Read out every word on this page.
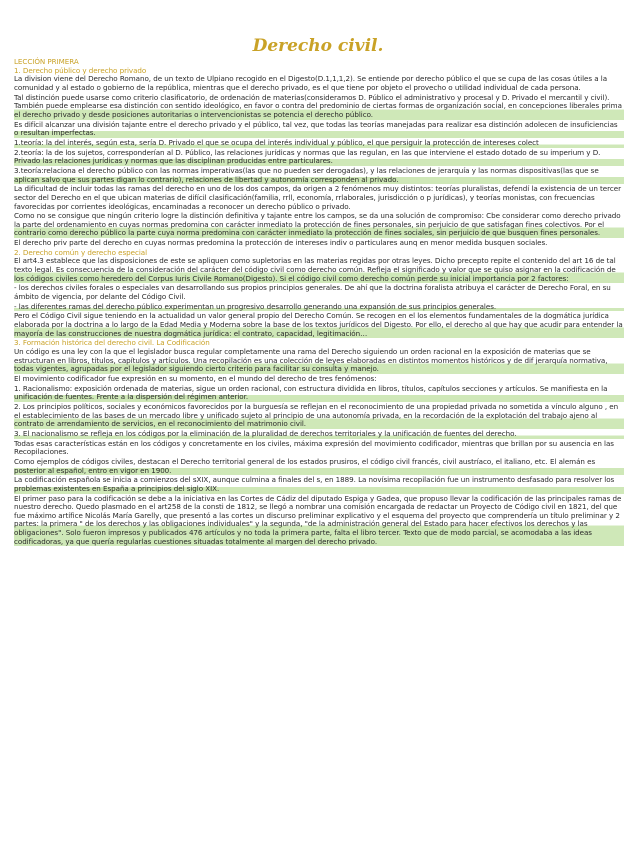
Derecho civil.
LECCIÓN PRIMERA
1. Derecho público y derecho privado

La division viene del Derecho Romano, de un texto de Ulpiano recogido en el Digesto(D.1,1,1,2). Se entiende por derecho público el que se cupa de las cosas útiles a la comunidad y al estado o gobierno de la república, mientras que el derecho privado, es el que tiene por objeto el provecho o utilidad individual de cada persona.

Tal distinción puede usarse como criterio clasificatorio, de ordenación de materias(consideramos D. Público el administrativo y procesal y D. Privado el mercantil y civil). También puede emplearse esa distinción con sentido ideológico, en favor o contra del predominio de ciertas formas de organización social, en concepciones liberales prima el derecho privado y desde posiciones autoritarias o intervencionistas se potencia el derecho público.

Es difícil alcanzar una división tajante entre el derecho privado y el público, tal vez, que todas las teorías manejadas para realizar esa distinción adolecen de insuficiencias o resultan imperfectas.

1.teoría: la del interés, según esta, sería D. Privado el que se ocupa del interés individual y público, el que persiguir la protección de intereses colect

2.teoría: la de los sujetos, corresponderían al D. Público, las relaciones jurídicas y normas que las regulan, en las que interviene el estado dotado de su imperium y D. Privado las relaciones jurídicas y normas que las disciplinan producidas entre particulares.

3.teoría:relaciona el derecho público con las normas imperativas(las que no pueden ser derogadas), y las relaciones de jerarquía y las normas dispositivas(las que se aplican salvo que sus partes digan lo contrario), relaciones de libertad y autonomía corresponden al privado.

La dificultad de incluir todas las ramas del derecho en uno de los dos campos, da origen a 2 fenómenos muy distintos: teorías pluralistas, defendí la existencia de un tercer sector del Derecho en el que ubican materias de difícil clasificación(familia, rrll, economía, rrlaborales, jurisdicción o p jurídicas), y teorías monistas, con frecuencias favorecidas por corrientes ideológicas, encaminadas a reconocer un derecho público o privado.

Como no se consigue que ningún criterio logre la distinción definitiva y tajante entre los campos, se da una solución de compromiso: Cbe considerar como derecho privado la parte del ordenamiento en cuyas normas predomina con carácter inmediato la protección de fines personales, sin perjuicio de que satisfagan fines colectivos. Por el contrario como derecho público la parte cuya norma predomina con carácter inmediato la protección de fines sociales, sin perjuicio de que busquen fines personales.

El derecho priv parte del derecho en cuyas normas predomina la protección de intereses indiv o particulares aunq en menor medida busquen sociales.

2. Derecho común y derecho especial

El art4.3 establece que las disposiciones de este se apliquen como supletorias en las materias regidas por otras leyes. Dicho precepto repite el contenido del art 16 de tal texto legal. Es consecuencia de la consideración del carácter del código civil como derecho común. Refleja el significado y valor que se quiso asignar en la codificación de los códigos civiles como heredero del Corpus Iuris Civile Romano(Digesto). Si el código civil como derecho común perde su inicial importancia por 2 factores:

- los derechos civiles forales o especiales van desarrollando sus propios principios generales. De ahí que la doctrina foralista atribuya el carácter de Derecho Foral, en su ámbito de vigencia, por delante del Código Civil.

- las diferentes ramas del derecho público experimentan un progresivo desarrollo generando una expansión de sus principios generales.

Pero el Código Civil sigue teniendo en la actualidad un valor general propio del Derecho Común. Se recogen en el los elementos fundamentales de la dogmática jurídica elaborada por la doctrina a lo largo de la Edad Media y Moderna sobre la base de los textos jurídicos del Digesto. Por ello, el derecho al que hay que acudir para entender la mayoría de las construcciones de nuestra dogmática jurídica: el contrato, capacidad, legitimación…

3. Formación histórica del derecho civil. La Codificación

Un código es una ley con la que el legislador busca regular completamente una rama del Derecho siguiendo un orden racional en la exposición de materias que se estructuran en libros, títulos, capítulos y artículos. Una recopilación es una colección de leyes elaboradas en distintos momentos históricos y de dif jerarquía normativa, todas vigentes, agrupadas por el legislador siguiendo cierto criterio para facilitar su consulta y manejo.

El movimiento codificador fue expresión en su momento, en el mundo del derecho de tres fenómenos:

1. Racionalismo: exposición ordenada de materias, sigue un orden racional, con estructura dividida en libros, títulos, capítulos secciones y artículos. Se manifiesta en la unificación de fuentes. Frente a la dispersión del régimen anterior.

2. Los principios políticos, sociales y económicos favorecidos por la burguesía se reflejan en el reconocimiento de una propiedad privada no sometida a vínculo alguno , en el establecimiento de las bases de un mercado libre y unificado sujeto al principio de una autonomía privada, en la recordación de la explotación del trabajo ajeno al contrato de arrendamiento de servicios, en el reconocimiento del matrimonio civil.

3. El nacionalismo se refleja en los códigos por la eliminación de la pluralidad de derechos territoriales y la unificación de fuentes del derecho.

Todas esas características están en los códigos y concretamente en los civiles, máxima expresión del movimiento codificador, mientras que brillan por su ausencia en las Recopilaciones.

Como ejemplos de códigos civiles, destacan el Derecho territorial general de los estados prusiros, el código civil francés, civil austríaco, el italiano, etc. El alemán es posterior al español, entro en vigor en 1900.

La codificación española se inicia a comienzos del sXIX, aunque culmina a finales del s, en 1889. La novísima recopilación fue un instrumento desfasado para resolver los problemas existentes en España a principios del siglo XIX.

El primer paso para la codificación se debe a la iniciativa en las Cortes de Cádiz del diputado Espiga y Gadea, que propuso llevar la codificación de las principales ramas de nuestro derecho. Quedo plasmado en el art258 de la consti de 1812, se llegó a nombrar una comisión encargada de redactar un Proyecto de Código civil en 1821, del que fue máximo artífice Nicolás María Garelly, que presentó a las cortes un discurso preliminar explicativo y el esquema del proyecto que comprendería un título preliminar y 2 partes: la primera " de los derechos y las obligaciones individuales" y la segunda, "de la administración general del Estado para hacer efectivos los derechos y las obligaciones". Solo fueron impresos y publicados 476 artículos y no toda la primera parte, falta el libro tercer. Texto que de modo parcial, se acomodaba a las ideas codificadoras, ya que quería regularlas cuestiones situadas totalmente al margen del derecho privado.
